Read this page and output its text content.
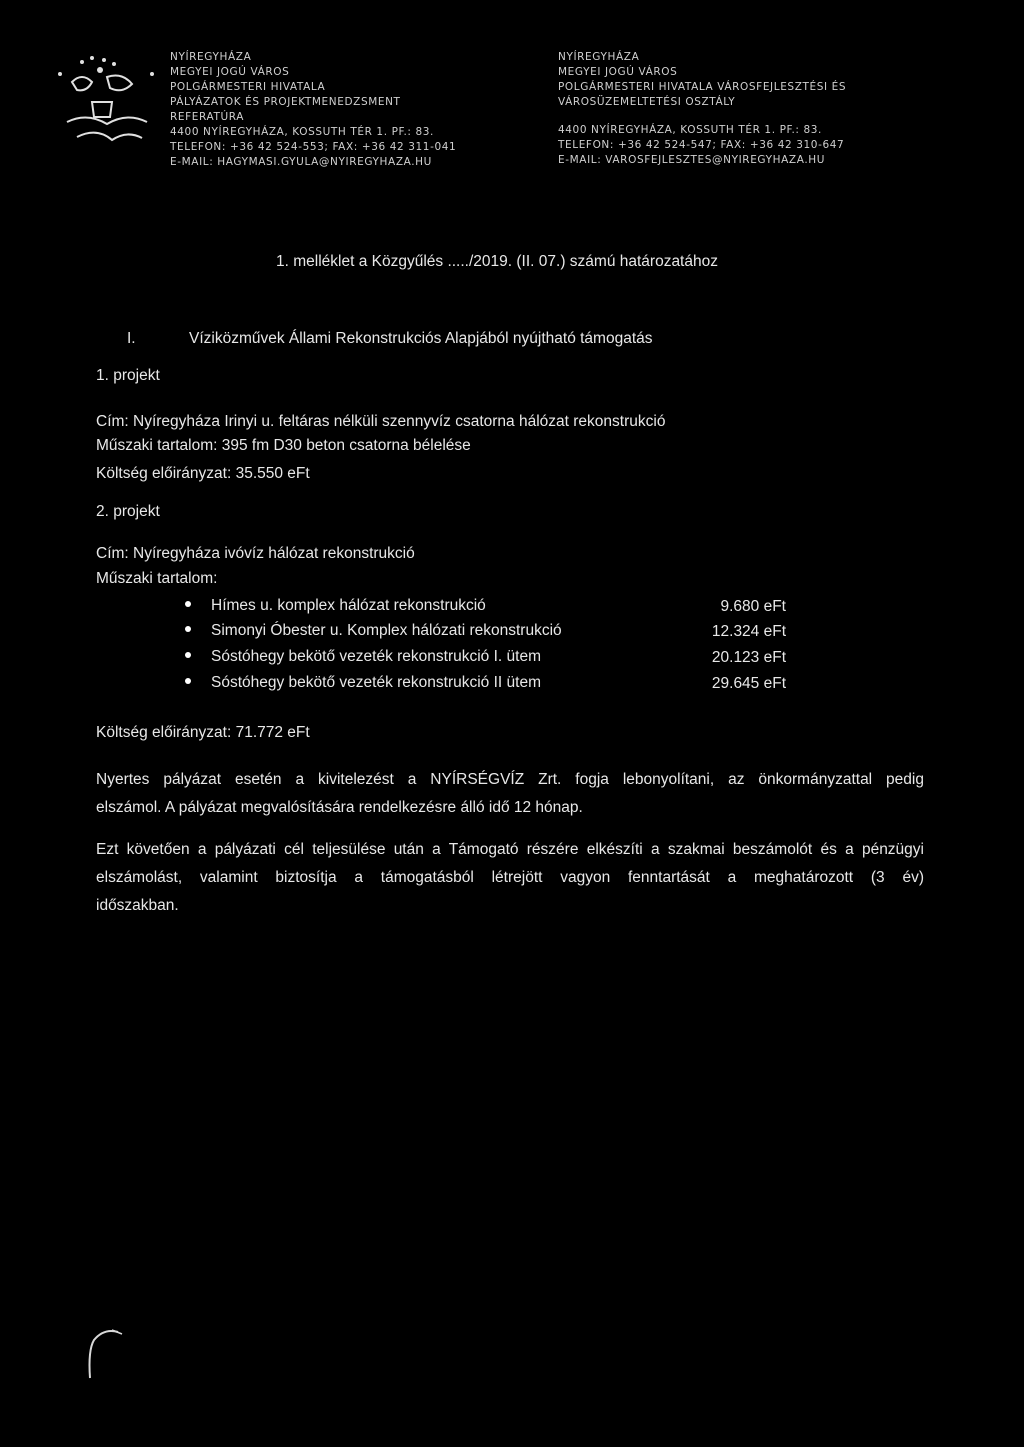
NYÍREGYHÁZA
MEGYEI JOGÚ VÁROS
POLGÁRMESTERI HIVATALA
PÁLYÁZATOK ÉS PROJEKTMENEDZSMENT
REFERATÚRA
4400 NYÍREGYHÁZA, KOSSUTH TÉR 1. PF.: 83.
TELEFON: +36 42 524-553; FAX: +36 42 311-041
E-MAIL: HAGYMASI.GYULA@NYIREGYHAZA.HU
NYÍREGYHÁZA
MEGYEI JOGÚ VÁROS
POLGÁRMESTERI HIVATALA VÁROSFEJLESZTÉSI ÉS
VÁROSÜZEMELTETÉSI OSZTÁLY
4400 NYÍREGYHÁZA, KOSSUTH TÉR 1. PF.: 83.
TELEFON: +36 42 524-547; FAX: +36 42 310-647
E-MAIL: VAROSFEJLESZTES@NYIREGYHAZA.HU
1. melléklet a Közgyűlés ...../2019. (II. 07.) számú határozatához
I.	Víziközművek Állami Rekonstrukciós Alapjából nyújtható támogatás
1. projekt
Cím: Nyíregyháza Irinyi u. feltáras nélküli szennyvíz csatorna hálózat rekonstrukció
Műszaki tartalom: 395 fm D30 beton csatorna bélelése
Költség előirányzat: 35.550 eFt
2. projekt
Cím: Nyíregyháza ivóvíz hálózat rekonstrukció
Műszaki tartalom:
Hímes u. komplex hálózat rekonstrukció	9.680 eFt
Simonyi Óbester u. Komplex hálózati rekonstrukció	12.324 eFt
Sóstóhegy bekötő vezeték rekonstrukció I. ütem	20.123 eFt
Sóstóhegy bekötő vezeték rekonstrukció II ütem	29.645 eFt
Költség előirányzat: 71.772 eFt
Nyertes pályázat esetén a kivitelezést a NYÍRSÉGVÍZ Zrt. fogja lebonyolítani, az önkormányzattal pedig
elszámol. A pályázat megvalósítására rendelkezésre álló idő 12 hónap.
Ezt követően a pályázati cél teljesülése után a Támogató részére elkészíti a szakmai beszámolót és a pénzügyi
elszámolást, valamint biztosítja a támogatásból létrejött vagyon fenntartását a meghatározott (3 év)
időszakban.
